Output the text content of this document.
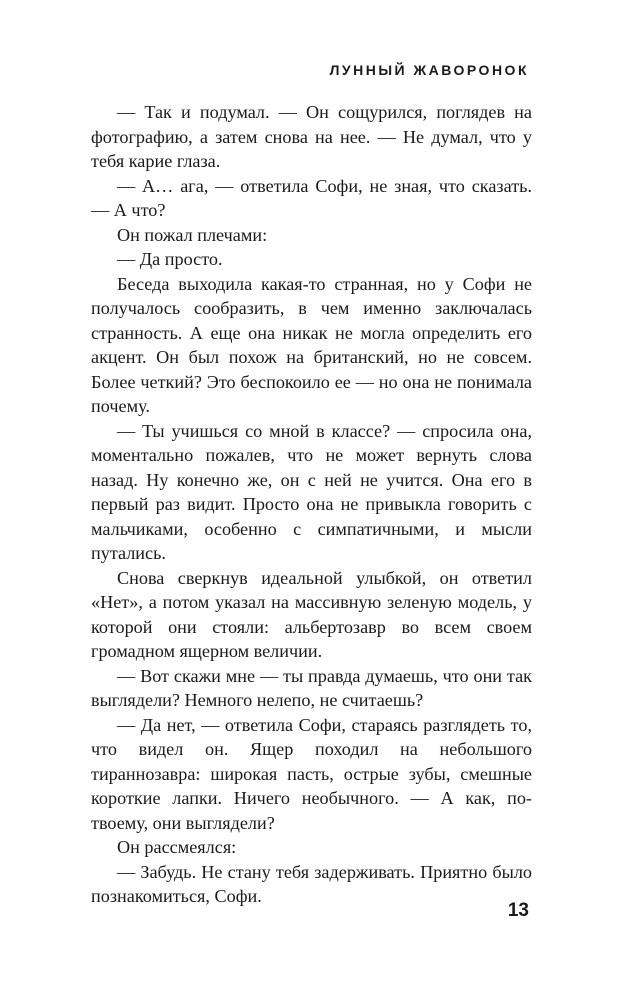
ЛУННЫЙ ЖАВОРОНОК

— Так и подумал. — Он сощурился, поглядев на фотографию, а затем снова на нее. — Не думал, что у тебя карие глаза.

— А… ага, — ответила Софи, не зная, что сказать. — А что?

Он пожал плечами:

— Да просто.

Беседа выходила какая-то странная, но у Софи не получалось сообразить, в чем именно заключалась странность. А еще она никак не могла определить его акцент. Он был похож на британский, но не совсем. Более четкий? Это беспокоило ее — но она не понимала почему.

— Ты учишься со мной в классе? — спросила она, моментально пожалев, что не может вернуть слова назад. Ну конечно же, он с ней не учится. Она его в первый раз видит. Просто она не привыкла говорить с мальчиками, особенно с симпатичными, и мысли путались.

Снова сверкнув идеальной улыбкой, он ответил «Нет», а потом указал на массивную зеленую модель, у которой они стояли: альбертозавр во всем своем громадном ящерном величии.

— Вот скажи мне — ты правда думаешь, что они так выглядели? Немного нелепо, не считаешь?

— Да нет, — ответила Софи, стараясь разглядеть то, что видел он. Ящер походил на небольшого тираннозавра: широкая пасть, острые зубы, смешные короткие лапки. Ничего необычного. — А как, по-твоему, они выглядели?

Он рассмеялся:

— Забудь. Не стану тебя задерживать. Приятно было познакомиться, Софи.

13
